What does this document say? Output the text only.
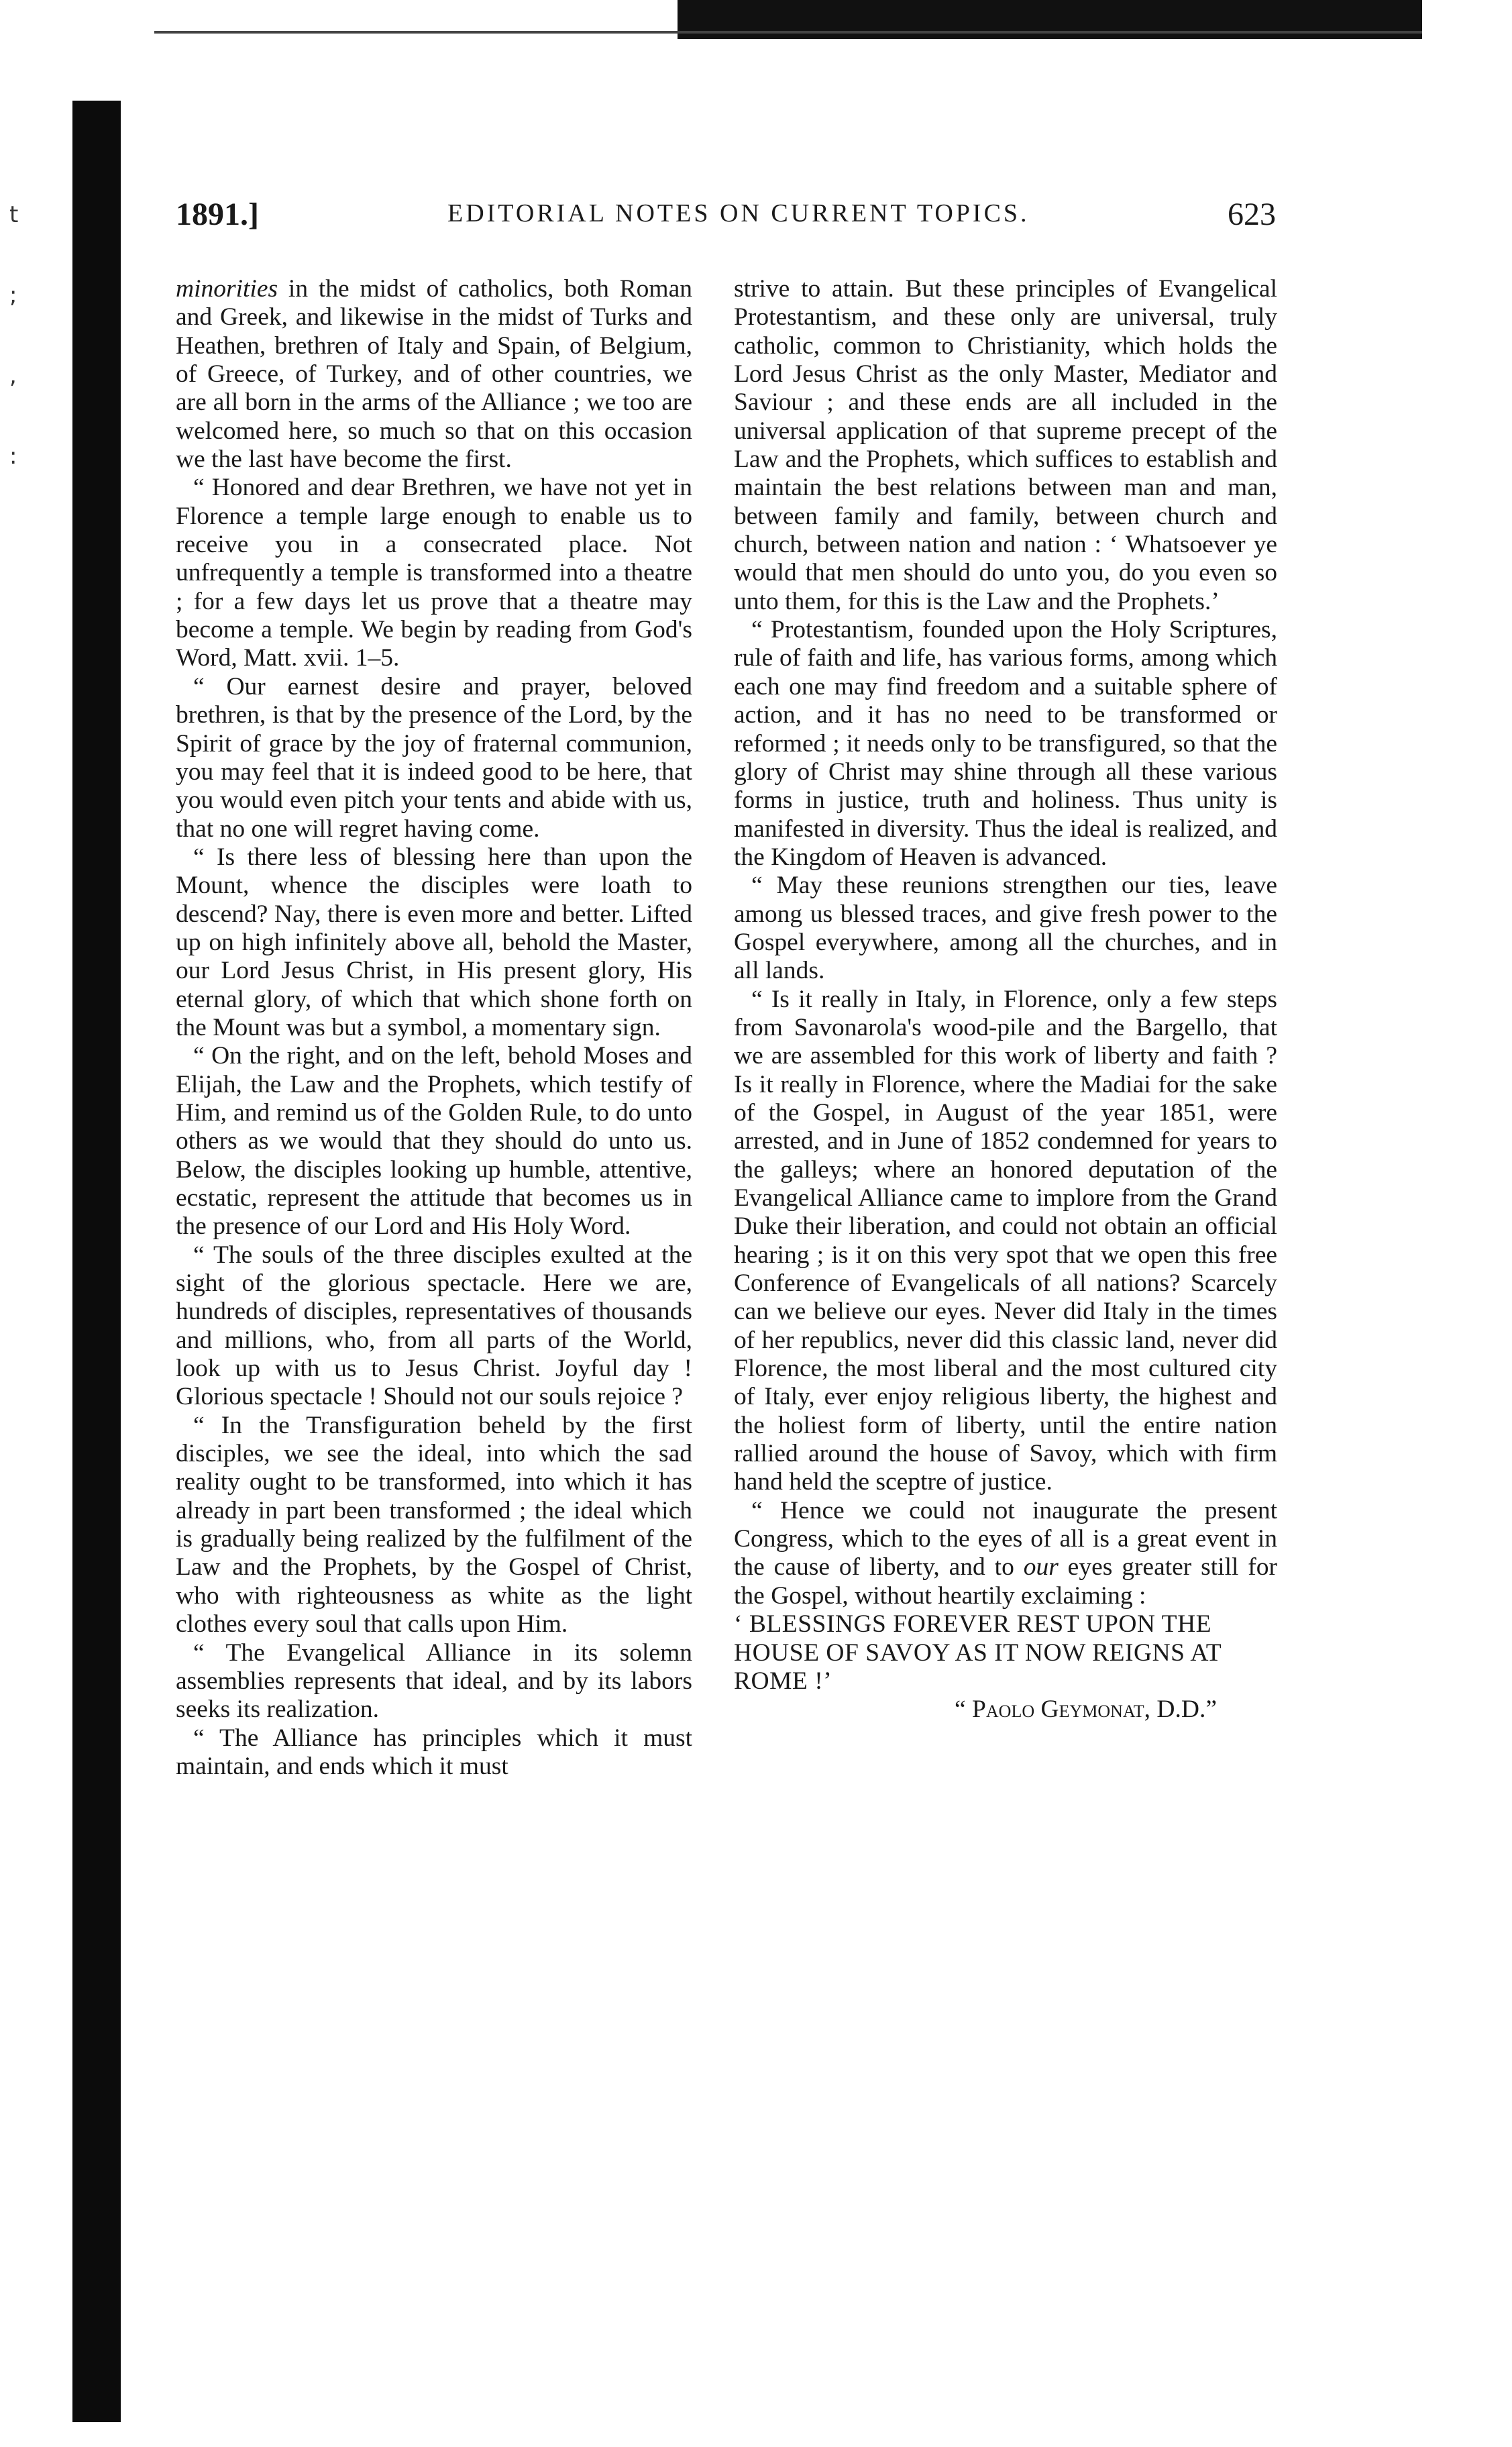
t
;
,
:
1891.]	EDITORIAL NOTES ON CURRENT TOPICS.	623

minorities in the midst of catholics, both Roman and Greek, and likewise in the midst of Turks and Heathen, brethren of Italy and Spain, of Belgium, of Greece, of Turkey, and of other countries, we are all born in the arms of the Alliance ; we too are welcomed here, so much so that on this occasion we the last have become the first.

“ Honored and dear Brethren, we have not yet in Florence a temple large enough to enable us to receive you in a consecrated place. Not unfrequently a temple is transformed into a theatre ; for a few days let us prove that a theatre may become a temple. We begin by reading from God's Word, Matt. xvii. 1–5.

“ Our earnest desire and prayer, beloved brethren, is that by the presence of the Lord, by the Spirit of grace by the joy of fraternal communion, you may feel that it is indeed good to be here, that you would even pitch your tents and abide with us, that no one will regret having come.

“ Is there less of blessing here than upon the Mount, whence the disciples were loath to descend? Nay, there is even more and better. Lifted up on high infinitely above all, behold the Master, our Lord Jesus Christ, in His present glory, His eternal glory, of which that which shone forth on the Mount was but a symbol, a momentary sign.

“ On the right, and on the left, behold Moses and Elijah, the Law and the Prophets, which testify of Him, and remind us of the Golden Rule, to do unto others as we would that they should do unto us. Below, the disciples looking up humble, attentive, ecstatic, represent the attitude that becomes us in the presence of our Lord and His Holy Word.

“ The souls of the three disciples exulted at the sight of the glorious spectacle. Here we are, hundreds of disciples, representatives of thousands and millions, who, from all parts of the World, look up with us to Jesus Christ. Joyful day ! Glorious spectacle ! Should not our souls rejoice ?

“ In the Transfiguration beheld by the first disciples, we see the ideal, into which the sad reality ought to be transformed, into which it has already in part been transformed ; the ideal which is gradually being realized by the fulfilment of the Law and the Prophets, by the Gospel of Christ, who with righteousness as white as the light clothes every soul that calls upon Him.

“ The Evangelical Alliance in its solemn assemblies represents that ideal, and by its labors seeks its realization.

“ The Alliance has principles which it must maintain, and ends which it must

strive to attain. But these principles of Evangelical Protestantism, and these only are universal, truly catholic, common to Christianity, which holds the Lord Jesus Christ as the only Master, Mediator and Saviour ; and these ends are all included in the universal application of that supreme precept of the Law and the Prophets, which suffices to establish and maintain the best relations between man and man, between family and family, between church and church, between nation and nation : ‘ Whatsoever ye would that men should do unto you, do you even so unto them, for this is the Law and the Prophets.’

“ Protestantism, founded upon the Holy Scriptures, rule of faith and life, has various forms, among which each one may find freedom and a suitable sphere of action, and it has no need to be transformed or reformed ; it needs only to be transfigured, so that the glory of Christ may shine through all these various forms in justice, truth and holiness. Thus unity is manifested in diversity. Thus the ideal is realized, and the Kingdom of Heaven is advanced.

“ May these reunions strengthen our ties, leave among us blessed traces, and give fresh power to the Gospel everywhere, among all the churches, and in all lands.

“ Is it really in Italy, in Florence, only a few steps from Savonarola's wood-pile and the Bargello, that we are assembled for this work of liberty and faith ? Is it really in Florence, where the Madiai for the sake of the Gospel, in August of the year 1851, were arrested, and in June of 1852 condemned for years to the galleys; where an honored deputation of the Evangelical Alliance came to implore from the Grand Duke their liberation, and could not obtain an official hearing ; is it on this very spot that we open this free Conference of Evangelicals of all nations? Scarcely can we believe our eyes. Never did Italy in the times of her republics, never did this classic land, never did Florence, the most liberal and the most cultured city of Italy, ever enjoy religious liberty, the highest and the holiest form of liberty, until the entire nation rallied around the house of Savoy, which with firm hand held the sceptre of justice.

“ Hence we could not inaugurate the present Congress, which to the eyes of all is a great event in the cause of liberty, and to our eyes greater still for the Gospel, without heartily exclaiming :

‘ BLESSINGS FOREVER REST UPON THE HOUSE OF SAVOY AS IT NOW REIGNS AT ROME !’

“ Paolo Geymonat, D.D.”
